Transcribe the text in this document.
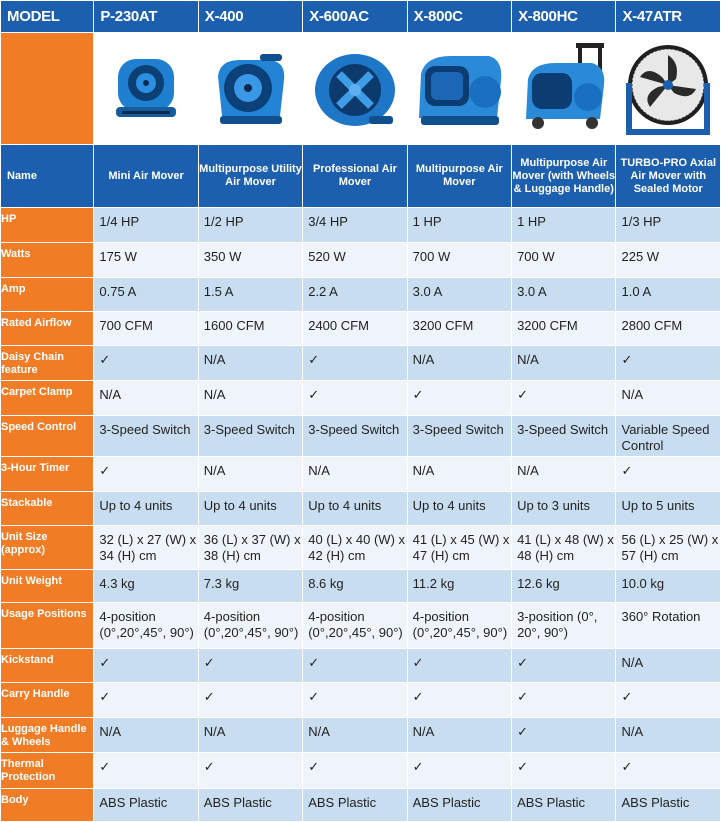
MODEL	P-230AT	X-400	X-600AC	X-800C	X-800HC	X-47ATR

Name	Mini Air Mover	Multipurpose Utility Air Mover	Professional Air Mover	Multipurpose Air Mover	Multipurpose Air Mover (with Wheels & Luggage Handle)	TURBO-PRO Axial Air Mover with Sealed Motor
HP	1/4 HP	1/2 HP	3/4 HP	1 HP	1 HP	1/3 HP
Watts	175 W	350 W	520 W	700 W	700 W	225 W
Amp	0.75 A	1.5 A	2.2 A	3.0 A	3.0 A	1.0 A
Rated Airflow	700 CFM	1600 CFM	2400 CFM	3200 CFM	3200 CFM	2800 CFM
Daisy Chain feature	✓	N/A	✓	N/A	N/A	✓
Carpet Clamp	N/A	N/A	✓	✓	✓	N/A
Speed Control	3-Speed Switch	3-Speed Switch	3-Speed Switch	3-Speed Switch	3-Speed Switch	Variable Speed Control
3-Hour Timer	✓	N/A	N/A	N/A	N/A	✓
Stackable	Up to 4 units	Up to 4 units	Up to 4 units	Up to 4 units	Up to 3 units	Up to 5 units
Unit Size (approx)	32 (L) x 27 (W) x 34 (H) cm	36 (L) x 37 (W) x 38 (H) cm	40 (L) x 40 (W) x 42 (H) cm	41 (L) x 45 (W) x 47 (H) cm	41 (L) x 48 (W) x 48 (H) cm	56 (L) x 25 (W) x 57 (H) cm
Unit Weight	4.3 kg	7.3 kg	8.6 kg	11.2 kg	12.6 kg	10.0 kg
Usage Positions	4-position (0°,20°,45°, 90°)	4-position (0°,20°,45°, 90°)	4-position (0°,20°,45°, 90°)	4-position (0°,20°,45°, 90°)	3-position (0°, 20°, 90°)	360° Rotation
Kickstand	✓	✓	✓	✓	✓	N/A
Carry Handle	✓	✓	✓	✓	✓	✓
Luggage Handle & Wheels	N/A	N/A	N/A	N/A	✓	N/A
Thermal Protection	✓	✓	✓	✓	✓	✓
Body	ABS Plastic	ABS Plastic	ABS Plastic	ABS Plastic	ABS Plastic	ABS Plastic
